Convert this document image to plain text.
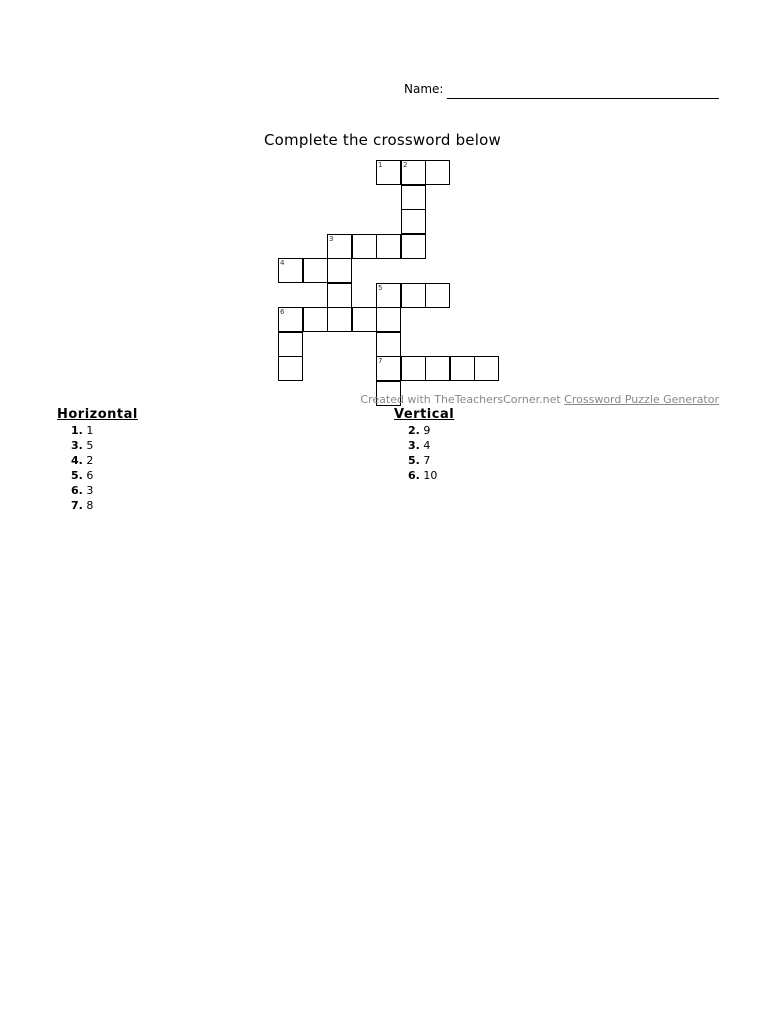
Name:
Complete the crossword below
1	2
3
4
5
6
7
Created with TheTeachersCorner.net Crossword Puzzle Generator
Horizontal
1. 1
3. 5
4. 2
5. 6
6. 3
7. 8
Vertical
2. 9
3. 4
5. 7
6. 10
